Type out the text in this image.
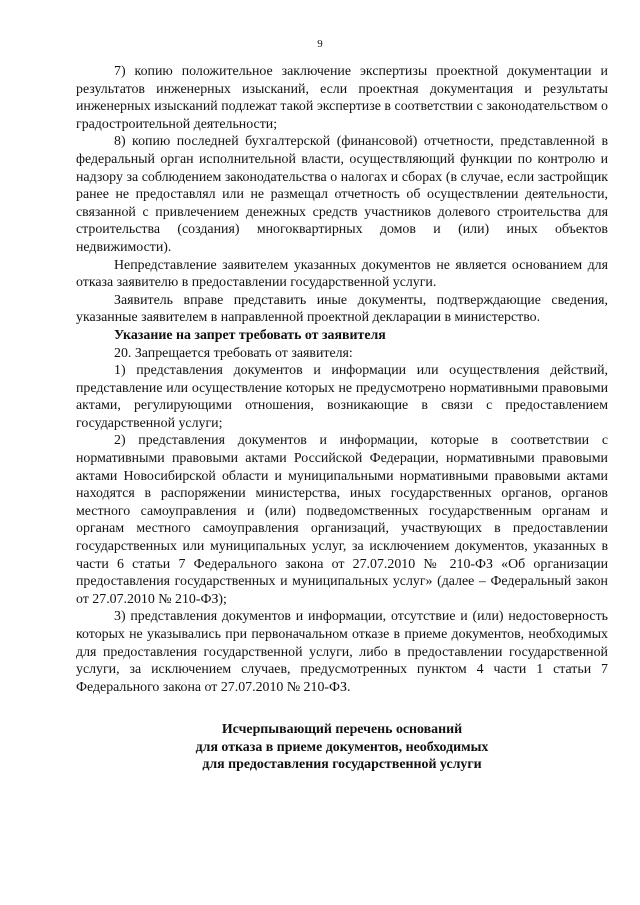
9

7) копию положительное заключение экспертизы проектной документации и результатов инженерных изысканий, если проектная документация и результаты инженерных изысканий подлежат такой экспертизе в соответствии с законодательством о градостроительной деятельности;

8) копию последней бухгалтерской (финансовой) отчетности, представленной в федеральный орган исполнительной власти, осуществляющий функции по контролю и надзору за соблюдением законодательства о налогах и сборах (в случае, если застройщик ранее не предоставлял или не размещал отчетность об осуществлении деятельности, связанной с привлечением денежных средств участников долевого строительства для строительства (создания) многоквартирных домов и (или) иных объектов недвижимости).

Непредставление заявителем указанных документов не является основанием для отказа заявителю в предоставлении государственной услуги.

Заявитель вправе представить иные документы, подтверждающие сведения, указанные заявителем в направленной проектной декларации в министерство.

Указание на запрет требовать от заявителя

20. Запрещается требовать от заявителя:

1) представления документов и информации или осуществления действий, представление или осуществление которых не предусмотрено нормативными правовыми актами, регулирующими отношения, возникающие в связи с предоставлением государственной услуги;

2) представления документов и информации, которые в соответствии с нормативными правовыми актами Российской Федерации, нормативными правовыми актами Новосибирской области и муниципальными нормативными правовыми актами находятся в распоряжении министерства, иных государственных органов, органов местного самоуправления и (или) подведомственных государственным органам и органам местного самоуправления организаций, участвующих в предоставлении государственных или муниципальных услуг, за исключением документов, указанных в части 6 статьи 7 Федерального закона от 27.07.2010 № 210-ФЗ «Об организации предоставления государственных и муниципальных услуг» (далее – Федеральный закон от 27.07.2010 № 210-ФЗ);

3) представления документов и информации, отсутствие и (или) недостоверность которых не указывались при первоначальном отказе в приеме документов, необходимых для предоставления государственной услуги, либо в предоставлении государственной услуги, за исключением случаев, предусмотренных пунктом 4 части 1 статьи 7 Федерального закона от 27.07.2010 № 210-ФЗ.

Исчерпывающий перечень оснований
для отказа в приеме документов, необходимых
для предоставления государственной услуги
